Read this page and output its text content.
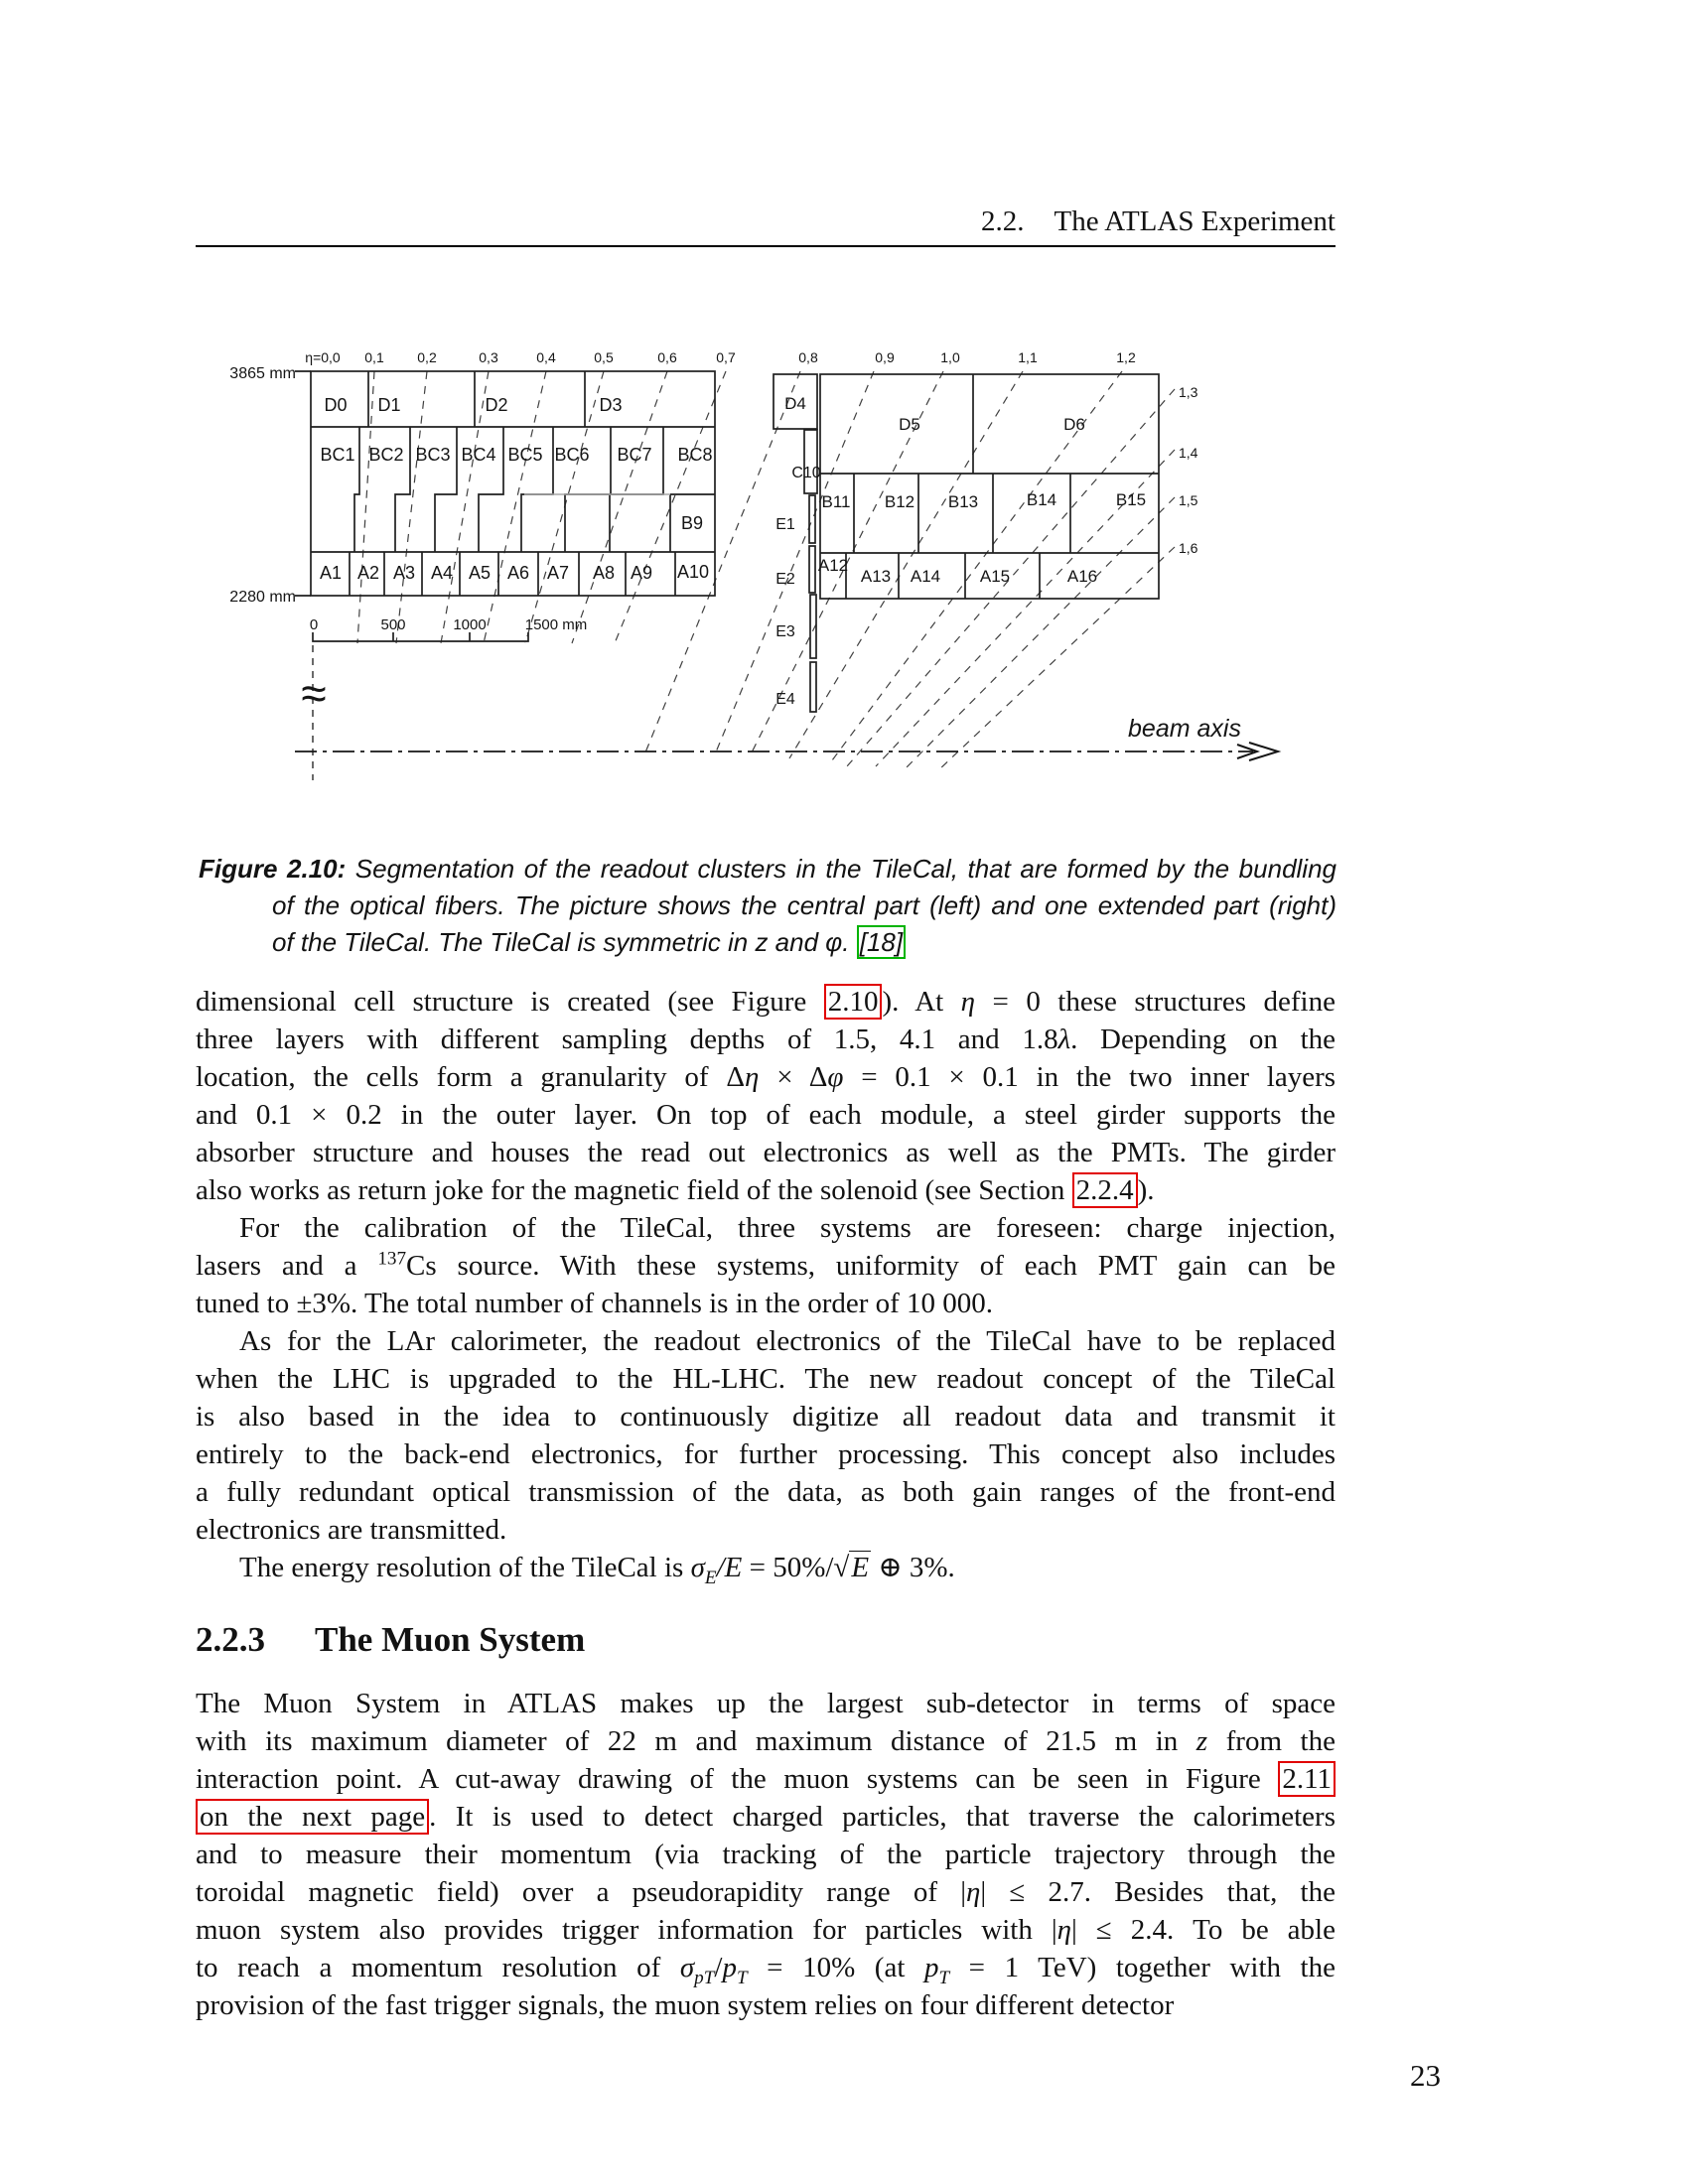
2.2. The ATLAS Experiment
η=0,0 0,1 0,2	0,3	0,4	0,5	0,6	0,7	0,8	0,9	1,0	1,1	1,2
1,3
1,4
1,5
1,6
3865 mm
2280 mm
D0 D1	D2	D3
BC1 BC2 BC3 BC4 BC5 BC6 BC7 BC8
B9
A1 A2 A3 A4 A5 A6 A7 A8 A9 A10
D4
D5	D6
C10
B11 B12 B13	B14	B15
A12
A13 A14 A15	A16
E1
E2
E3
E4
0	500	1000	1500 mm
≈
beam axis
Figure 2.10: Segmentation of the readout clusters in the TileCal, that are formed by the bundling
of the optical fibers. The picture shows the central part (left) and one extended part (right)
of the TileCal. The TileCal is symmetric in z and φ. [18]
dimensional cell structure is created (see Figure 2.10 ). At η = 0 these structures define
three layers with different sampling depths of 1.5, 4.1 and 1.8λ. Depending on the
location, the cells form a granularity of Δη × Δφ = 0.1 × 0.1 in the two inner layers
and 0.1 × 0.2 in the outer layer. On top of each module, a steel girder supports the
absorber structure and houses the read out electronics as well as the PMTs. The girder
also works as return joke for the magnetic field of the solenoid (see Section 2.2.4 ).
For the calibration of the TileCal, three systems are foreseen: charge injection,
lasers and a $^{137}$Cs source. With these systems, uniformity of each PMT gain can be
tuned to ±3%. The total number of channels is in the order of 10 000.
As for the LAr calorimeter, the readout electronics of the TileCal have to be replaced
when the LHC is upgraded to the HL-LHC. The new readout concept of the TileCal
is also based in the idea to continuously digitize all readout data and transmit it
entirely to the back-end electronics, for further processing. This concept also includes
a fully redundant optical transmission of the data, as both gain ranges of the front-end
electronics are transmitted.
The energy resolution of the TileCal is $\sigma_E/E = 50\%/√E$ ⊕ 3%.
2.2.3 The Muon System
The Muon System in ATLAS makes up the largest sub-detector in terms of space
with its maximum diameter of 22 m and maximum distance of 21.5 m in z from the
interaction point. A cut-away drawing of the muon systems can be seen in Figure 2.11
on the next page . It is used to detect charged particles, that traverse the calorimeters
and to measure their momentum (via tracking of the particle trajectory through the
toroidal magnetic field) over a pseudorapidity range of |η| ≤ 2.7. Besides that, the
muon system also provides trigger information for particles with |η| ≤ 2.4. To be able
to reach a momentum resolution of $\sigma_{pT}/p_T = 10\%$ (at $p_T = 1$ TeV) together with the
provision of the fast trigger signals, the muon system relies on four different detector
23
